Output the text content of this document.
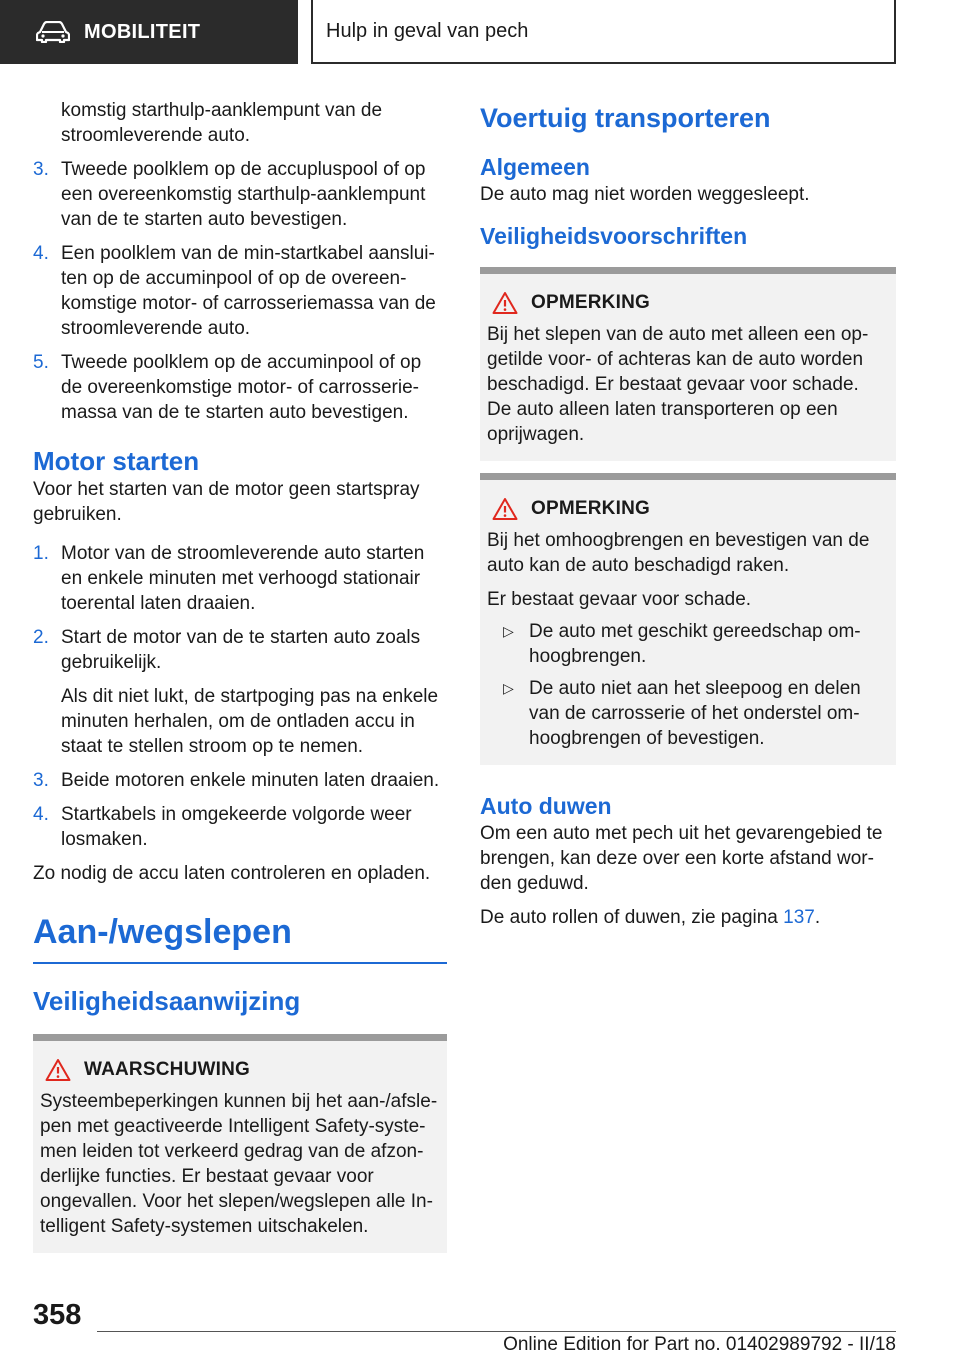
MOBILITEIT	Hulp in geval van pech
komstig starthulp-aanklempunt van de stroomleverende auto.
3. Tweede poolklem op de accupluspool of op een overeenkomstig starthulp-aanklempunt van de te starten auto bevestigen.
4. Een poolklem van de min-startkabel aansluiten op de accuminpool of op de overeenkomstige motor- of carrosseriemassa van de stroomleverende auto.
5. Tweede poolklem op de accuminpool of op de overeenkomstige motor- of carrosseriemassa van de te starten auto bevestigen.
Motor starten
Voor het starten van de motor geen startspray gebruiken.
1. Motor van de stroomleverende auto starten en enkele minuten met verhoogd stationair toerental laten draaien.
2. Start de motor van de te starten auto zoals gebruikelijk.
Als dit niet lukt, de startpoging pas na enkele minuten herhalen, om de ontladen accu in staat te stellen stroom op te nemen.
3. Beide motoren enkele minuten laten draaien.
4. Startkabels in omgekeerde volgorde weer losmaken.
Zo nodig de accu laten controleren en opladen.
Aan-/wegslepen
Veiligheidsaanwijzing
WAARSCHUWING
Systeembeperkingen kunnen bij het aan-/afslepen met geactiveerde Intelligent Safety-systemen leiden tot verkeerd gedrag van de afzonderlijke functies. Er bestaat gevaar voor ongevallen. Voor het slepen/wegslepen alle Intelligent Safety-systemen uitschakelen.
Voertuig transporteren
Algemeen
De auto mag niet worden weggesleept.
Veiligheidsvoorschriften
OPMERKING
Bij het slepen van de auto met alleen een opgetilde voor- of achteras kan de auto worden beschadigd. Er bestaat gevaar voor schade. De auto alleen laten transporteren op een oprijwagen.
OPMERKING
Bij het omhoogbrengen en bevestigen van de auto kan de auto beschadigd raken.
Er bestaat gevaar voor schade.
▷ De auto met geschikt gereedschap omhoogbrengen.
▷ De auto niet aan het sleepoog en delen van de carrosserie of het onderstel omhoogbrengen of bevestigen.
Auto duwen
Om een auto met pech uit het gevarengebied te brengen, kan deze over een korte afstand worden geduwd.
De auto rollen of duwen, zie pagina 137.
358
Online Edition for Part no. 01402989792 - II/18
